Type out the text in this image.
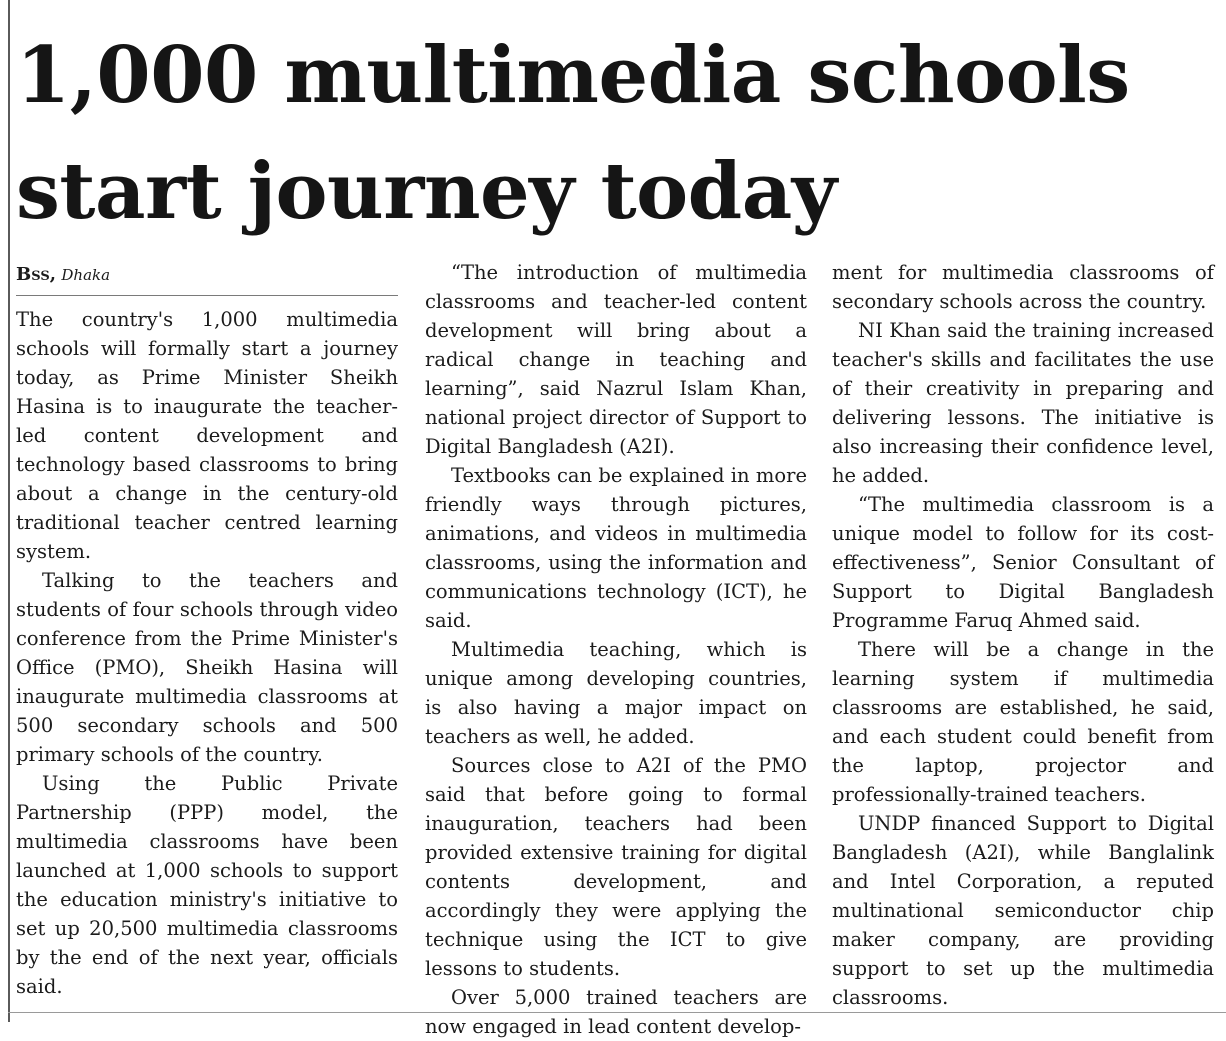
1,000 multimedia schools
start journey today
Bss, Dhaka

The country's 1,000 multimedia schools will formally start a journey today, as Prime Minister Sheikh Hasina is to inaugurate the teacher-led content development and technology based classrooms to bring about a change in the century-old traditional teacher centred learning system.

Talking to the teachers and students of four schools through video conference from the Prime Minister's Office (PMO), Sheikh Hasina will inaugurate multimedia classrooms at 500 secondary schools and 500 primary schools of the country.

Using the Public Private Partnership (PPP) model, the multimedia classrooms have been launched at 1,000 schools to support the education ministry's initiative to set up 20,500 multimedia classrooms by the end of the next year, officials said.

“The introduction of multimedia classrooms and teacher-led content development will bring about a radical change in teaching and learning”, said Nazrul Islam Khan, national project director of Support to Digital Bangladesh (A2I).

Textbooks can be explained in more friendly ways through pictures, animations, and videos in multimedia classrooms, using the information and communications technology (ICT), he said.

Multimedia teaching, which is unique among developing countries, is also having a major impact on teachers as well, he added.

Sources close to A2I of the PMO said that before going to formal inauguration, teachers had been provided extensive training for digital contents development, and accordingly they were applying the technique using the ICT to give lessons to students.

Over 5,000 trained teachers are now engaged in lead content develop-

ment for multimedia classrooms of secondary schools across the country.

NI Khan said the training increased teacher's skills and facilitates the use of their creativity in preparing and delivering lessons. The initiative is also increasing their confidence level, he added.

“The multimedia classroom is a unique model to follow for its cost-effectiveness”, Senior Consultant of Support to Digital Bangladesh Programme Faruq Ahmed said.

There will be a change in the learning system if multimedia classrooms are established, he said, and each student could benefit from the laptop, projector and professionally-trained teachers.

UNDP financed Support to Digital Bangladesh (A2I), while Banglalink and Intel Corporation, a reputed multinational semiconductor chip maker company, are providing support to set up the multimedia classrooms.
